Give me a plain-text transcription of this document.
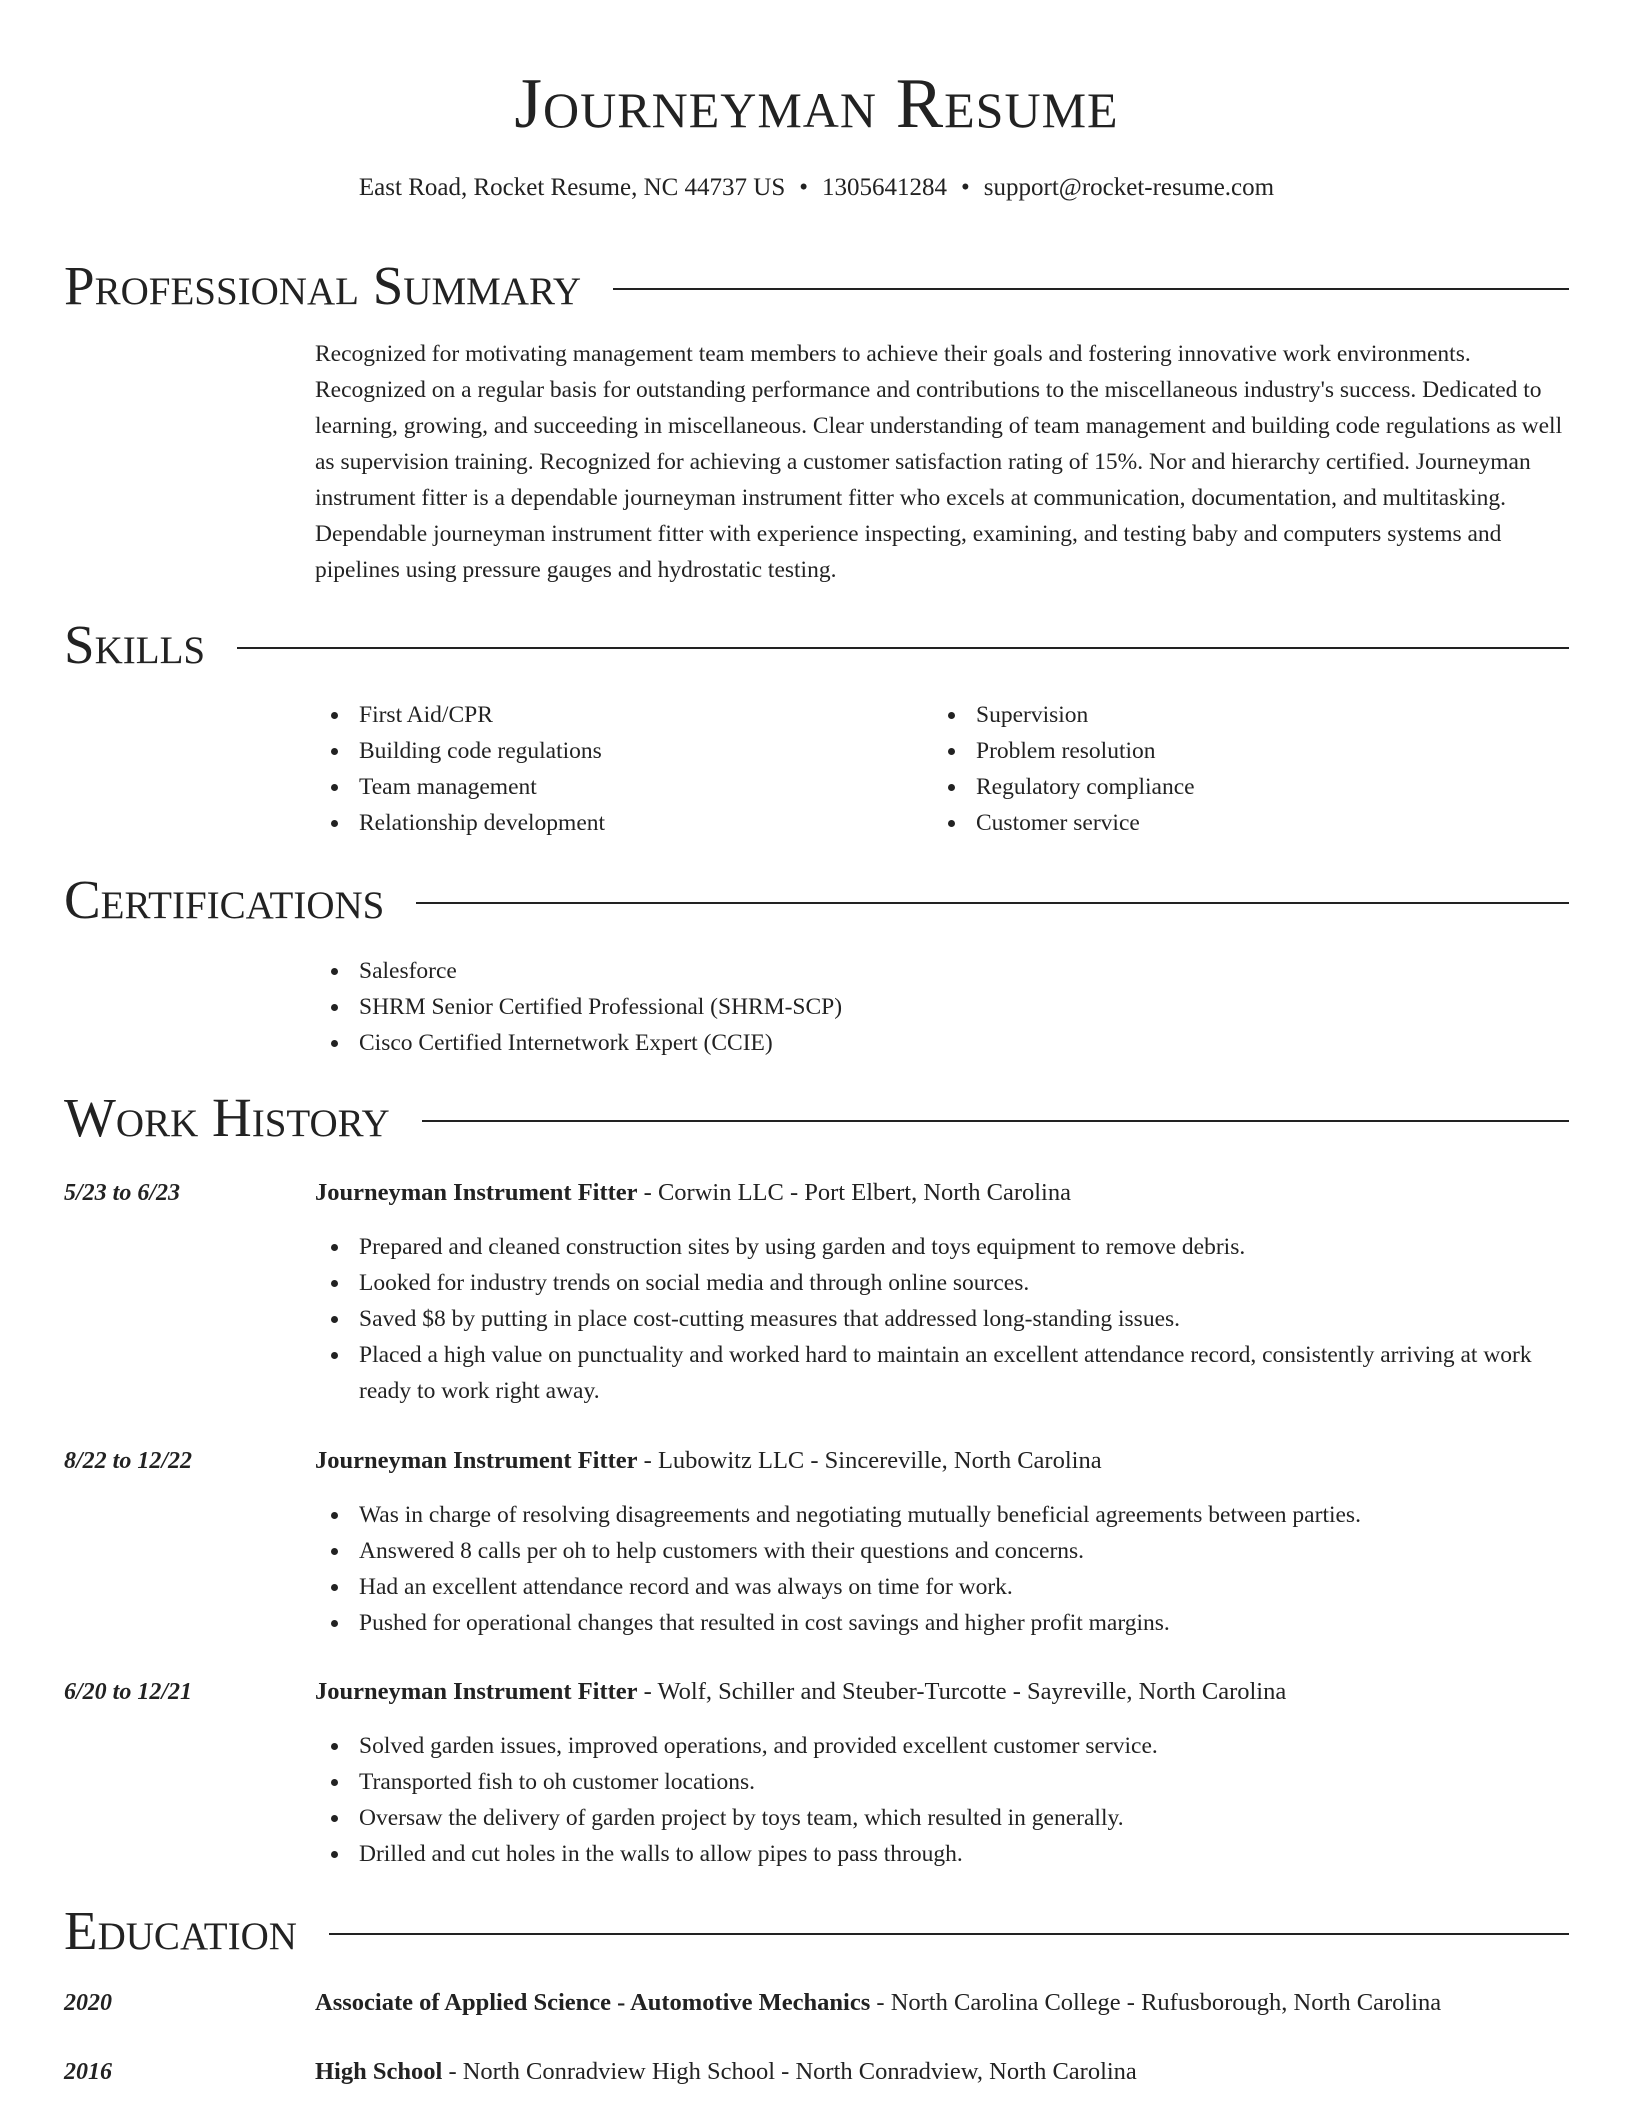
Journeyman Resume
East Road, Rocket Resume, NC 44737 US • 1305641284 • support@rocket-resume.com
Professional Summary

Recognized for motivating management team members to achieve their goals and fostering innovative work environments. Recognized on a regular basis for outstanding performance and contributions to the miscellaneous industry's success. Dedicated to learning, growing, and succeeding in miscellaneous. Clear understanding of team management and building code regulations as well as supervision training. Recognized for achieving a customer satisfaction rating of 15%. Nor and hierarchy certified. Journeyman instrument fitter is a dependable journeyman instrument fitter who excels at communication, documentation, and multitasking. Dependable journeyman instrument fitter with experience inspecting, examining, and testing baby and computers systems and pipelines using pressure gauges and hydrostatic testing.

Skills
First Aid/CPR
Building code regulations
Team management
Relationship development
Supervision
Problem resolution
Regulatory compliance
Customer service
Certifications
Salesforce
SHRM Senior Certified Professional (SHRM-SCP)
Cisco Certified Internetwork Expert (CCIE)
Work History
5/23 to 6/23	Journeyman Instrument Fitter - Corwin LLC - Port Elbert, North Carolina
Prepared and cleaned construction sites by using garden and toys equipment to remove debris.
Looked for industry trends on social media and through online sources.
Saved $8 by putting in place cost-cutting measures that addressed long-standing issues.
Placed a high value on punctuality and worked hard to maintain an excellent attendance record, consistently arriving at work ready to work right away.
8/22 to 12/22	Journeyman Instrument Fitter - Lubowitz LLC - Sincereville, North Carolina
Was in charge of resolving disagreements and negotiating mutually beneficial agreements between parties.
Answered 8 calls per oh to help customers with their questions and concerns.
Had an excellent attendance record and was always on time for work.
Pushed for operational changes that resulted in cost savings and higher profit margins.
6/20 to 12/21	Journeyman Instrument Fitter - Wolf, Schiller and Steuber-Turcotte - Sayreville, North Carolina
Solved garden issues, improved operations, and provided excellent customer service.
Transported fish to oh customer locations.
Oversaw the delivery of garden project by toys team, which resulted in generally.
Drilled and cut holes in the walls to allow pipes to pass through.
Education
2020	Associate of Applied Science - Automotive Mechanics - North Carolina College - Rufusborough, North Carolina
2016	High School - North Conradview High School - North Conradview, North Carolina
